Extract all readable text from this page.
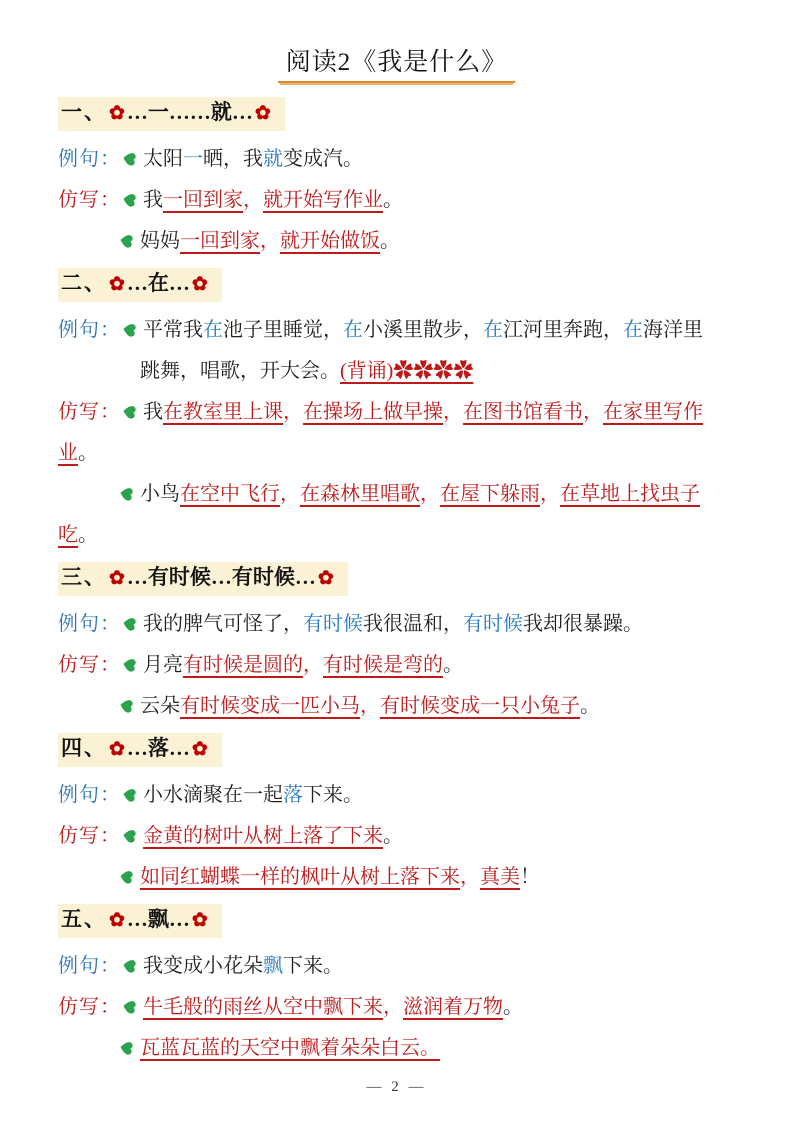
阅读2《我是什么》
一、 ✿…一……就… ✿
例句： 太阳一晒，我就变成汽。
仿写： 我一回到家，就开始写作业。
妈妈一回到家，就开始做饭。
二、 ✿…在… ✿
例句： 平常我在池子里睡觉，在小溪里散步，在江河里奔跑，在海洋里
跳舞，唱歌，开大会。(背诵)✿✿✿✿
仿写： 我在教室里上课，在操场上做早操，在图书馆看书，在家里写作
业。
小鸟在空中飞行，在森林里唱歌，在屋下躲雨，在草地上找虫子
吃。
三、 ✿…有时候…有时候… ✿
例句： 我的脾气可怪了，有时候我很温和，有时候我却很暴躁。
仿写： 月亮有时候是圆的，有时候是弯的。
云朵有时候变成一匹小马，有时候变成一只小兔子。
四、 ✿…落… ✿
例句： 小水滴聚在一起落下来。
仿写： 金黄的树叶从树上落了下来。
如同红蝴蝶一样的枫叶从树上落下来，真美！
五、 ✿…飘… ✿
例句： 我变成小花朵飘下来。
仿写： 牛毛般的雨丝从空中飘下来，滋润着万物。
瓦蓝瓦蓝的天空中飘着朵朵白云。
— 2 —
